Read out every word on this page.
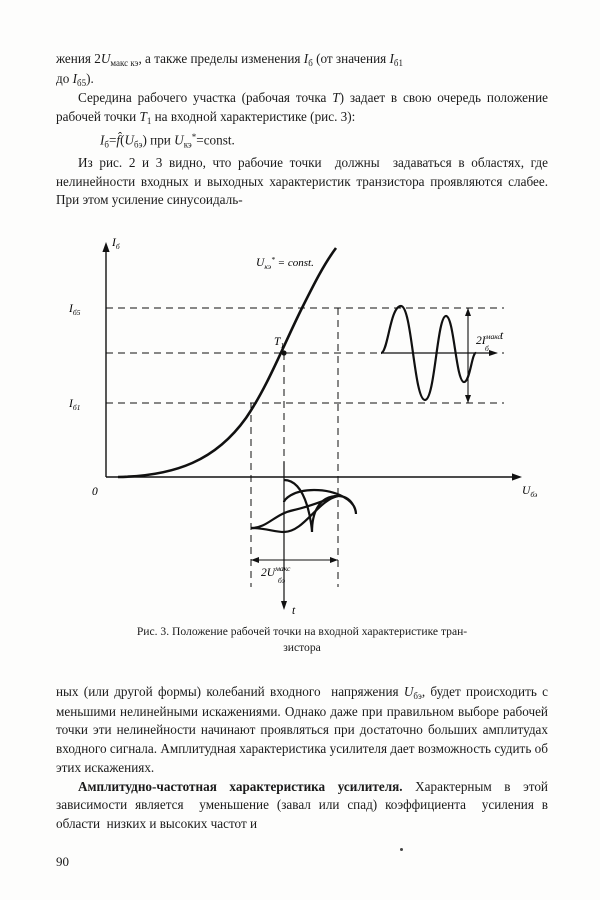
жения $2U_{макс кэ}$, а также пределы изменения $I_б$ (от значения $I_{б1}$
до $I_{б5}$).

Середина рабочего участка (рабочая точка T) задает в свою очередь положение рабочей точки $T_1$ на входной характеристике (рис. 3):

$I_б=f̂(U_{бэ})$ при $U_{кэ}^*=const$.

Из рис. 2 и 3 видно, что рабочие точки  должны  задаваться в областях, где нелинейности входных и выходных характеристик транзистора проявляются слабее. При этом усиление синусоидаль-

$I_б$
$U_{бэ}$
0
$I_{б5}$
$I_{б1}$
$T_1$
$U_{кэ}^*$ = const.
t
t
$2I^{макс}$ б
$2U^{макс}$ бэ
Рис. 3. Положение рабочей точки на входной характеристике тран-
зистора

ных (или другой формы) колебаний входного  напряжения $U_{бэ}$, будет происходить с меньшими нелинейными искажениями. Однако даже при правильном выборе рабочей точки эти нелинейности начинают проявляться при достаточно больших амплитудах входного сигнала. Амплитудная характеристика усилителя дает возможность судить об этих искажениях.

Амплитудно-частотная характеристика усилителя. Характерным в этой зависимости является  уменьшение (завал или спад) коэффициента  усиления в области  низких и высоких частот и

90
